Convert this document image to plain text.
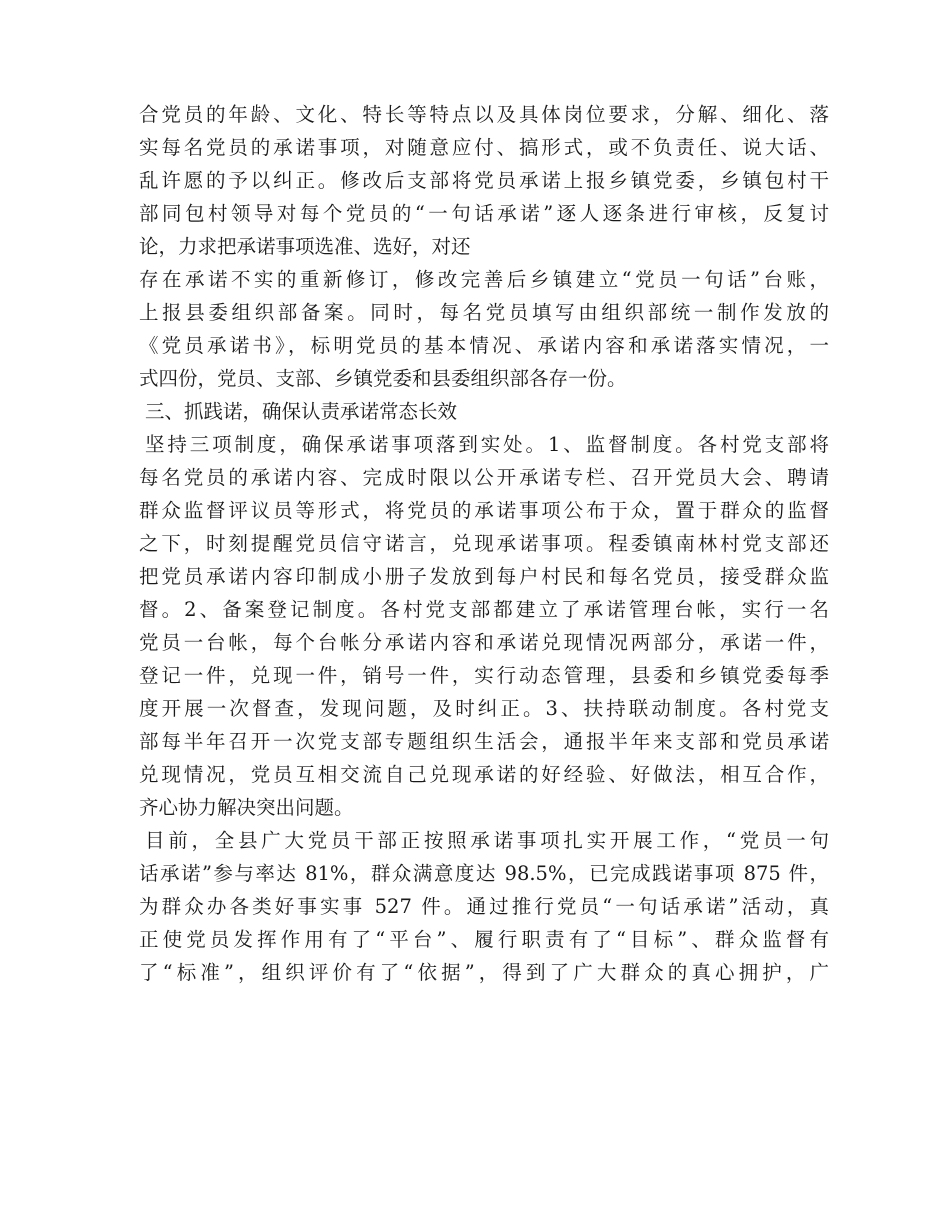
合党员的年龄、文化、特长等特点以及具体岗位要求，分解、细化、落
实每名党员的承诺事项，对随意应付、搞形式，或不负责任、说大话、
乱许愿的予以纠正。修改后支部将党员承诺上报乡镇党委，乡镇包村干
部同包村领导对每个党员的“一句话承诺”逐人逐条进行审核，反复讨
论，力求把承诺事项选准、选好，对还
存在承诺不实的重新修订，修改完善后乡镇建立“党员一句话”台账，
上报县委组织部备案。同时，每名党员填写由组织部统一制作发放的
《党员承诺书》，标明党员的基本情况、承诺内容和承诺落实情况，一
式四份，党员、支部、乡镇党委和县委组织部各存一份。
三、抓践诺，确保认责承诺常态长效
坚持三项制度，确保承诺事项落到实处。1、监督制度。各村党支部将
每名党员的承诺内容、完成时限以公开承诺专栏、召开党员大会、聘请
群众监督评议员等形式，将党员的承诺事项公布于众，置于群众的监督
之下，时刻提醒党员信守诺言，兑现承诺事项。程委镇南林村党支部还
把党员承诺内容印制成小册子发放到每户村民和每名党员，接受群众监
督。2、备案登记制度。各村党支部都建立了承诺管理台帐，实行一名
党员一台帐，每个台帐分承诺内容和承诺兑现情况两部分，承诺一件，
登记一件，兑现一件，销号一件，实行动态管理，县委和乡镇党委每季
度开展一次督查，发现问题，及时纠正。3、扶持联动制度。各村党支
部每半年召开一次党支部专题组织生活会，通报半年来支部和党员承诺
兑现情况，党员互相交流自己兑现承诺的好经验、好做法，相互合作，
齐心协力解决突出问题。
目前，全县广大党员干部正按照承诺事项扎实开展工作，“党员一句
话承诺”参与率达 81%，群众满意度达 98.5%，已完成践诺事项 875 件，
为群众办各类好事实事 527 件。通过推行党员“一句话承诺”活动，真
正使党员发挥作用有了“平台”、履行职责有了“目标”、群众监督有
了“标准”，组织评价有了“依据”，得到了广大群众的真心拥护，广
